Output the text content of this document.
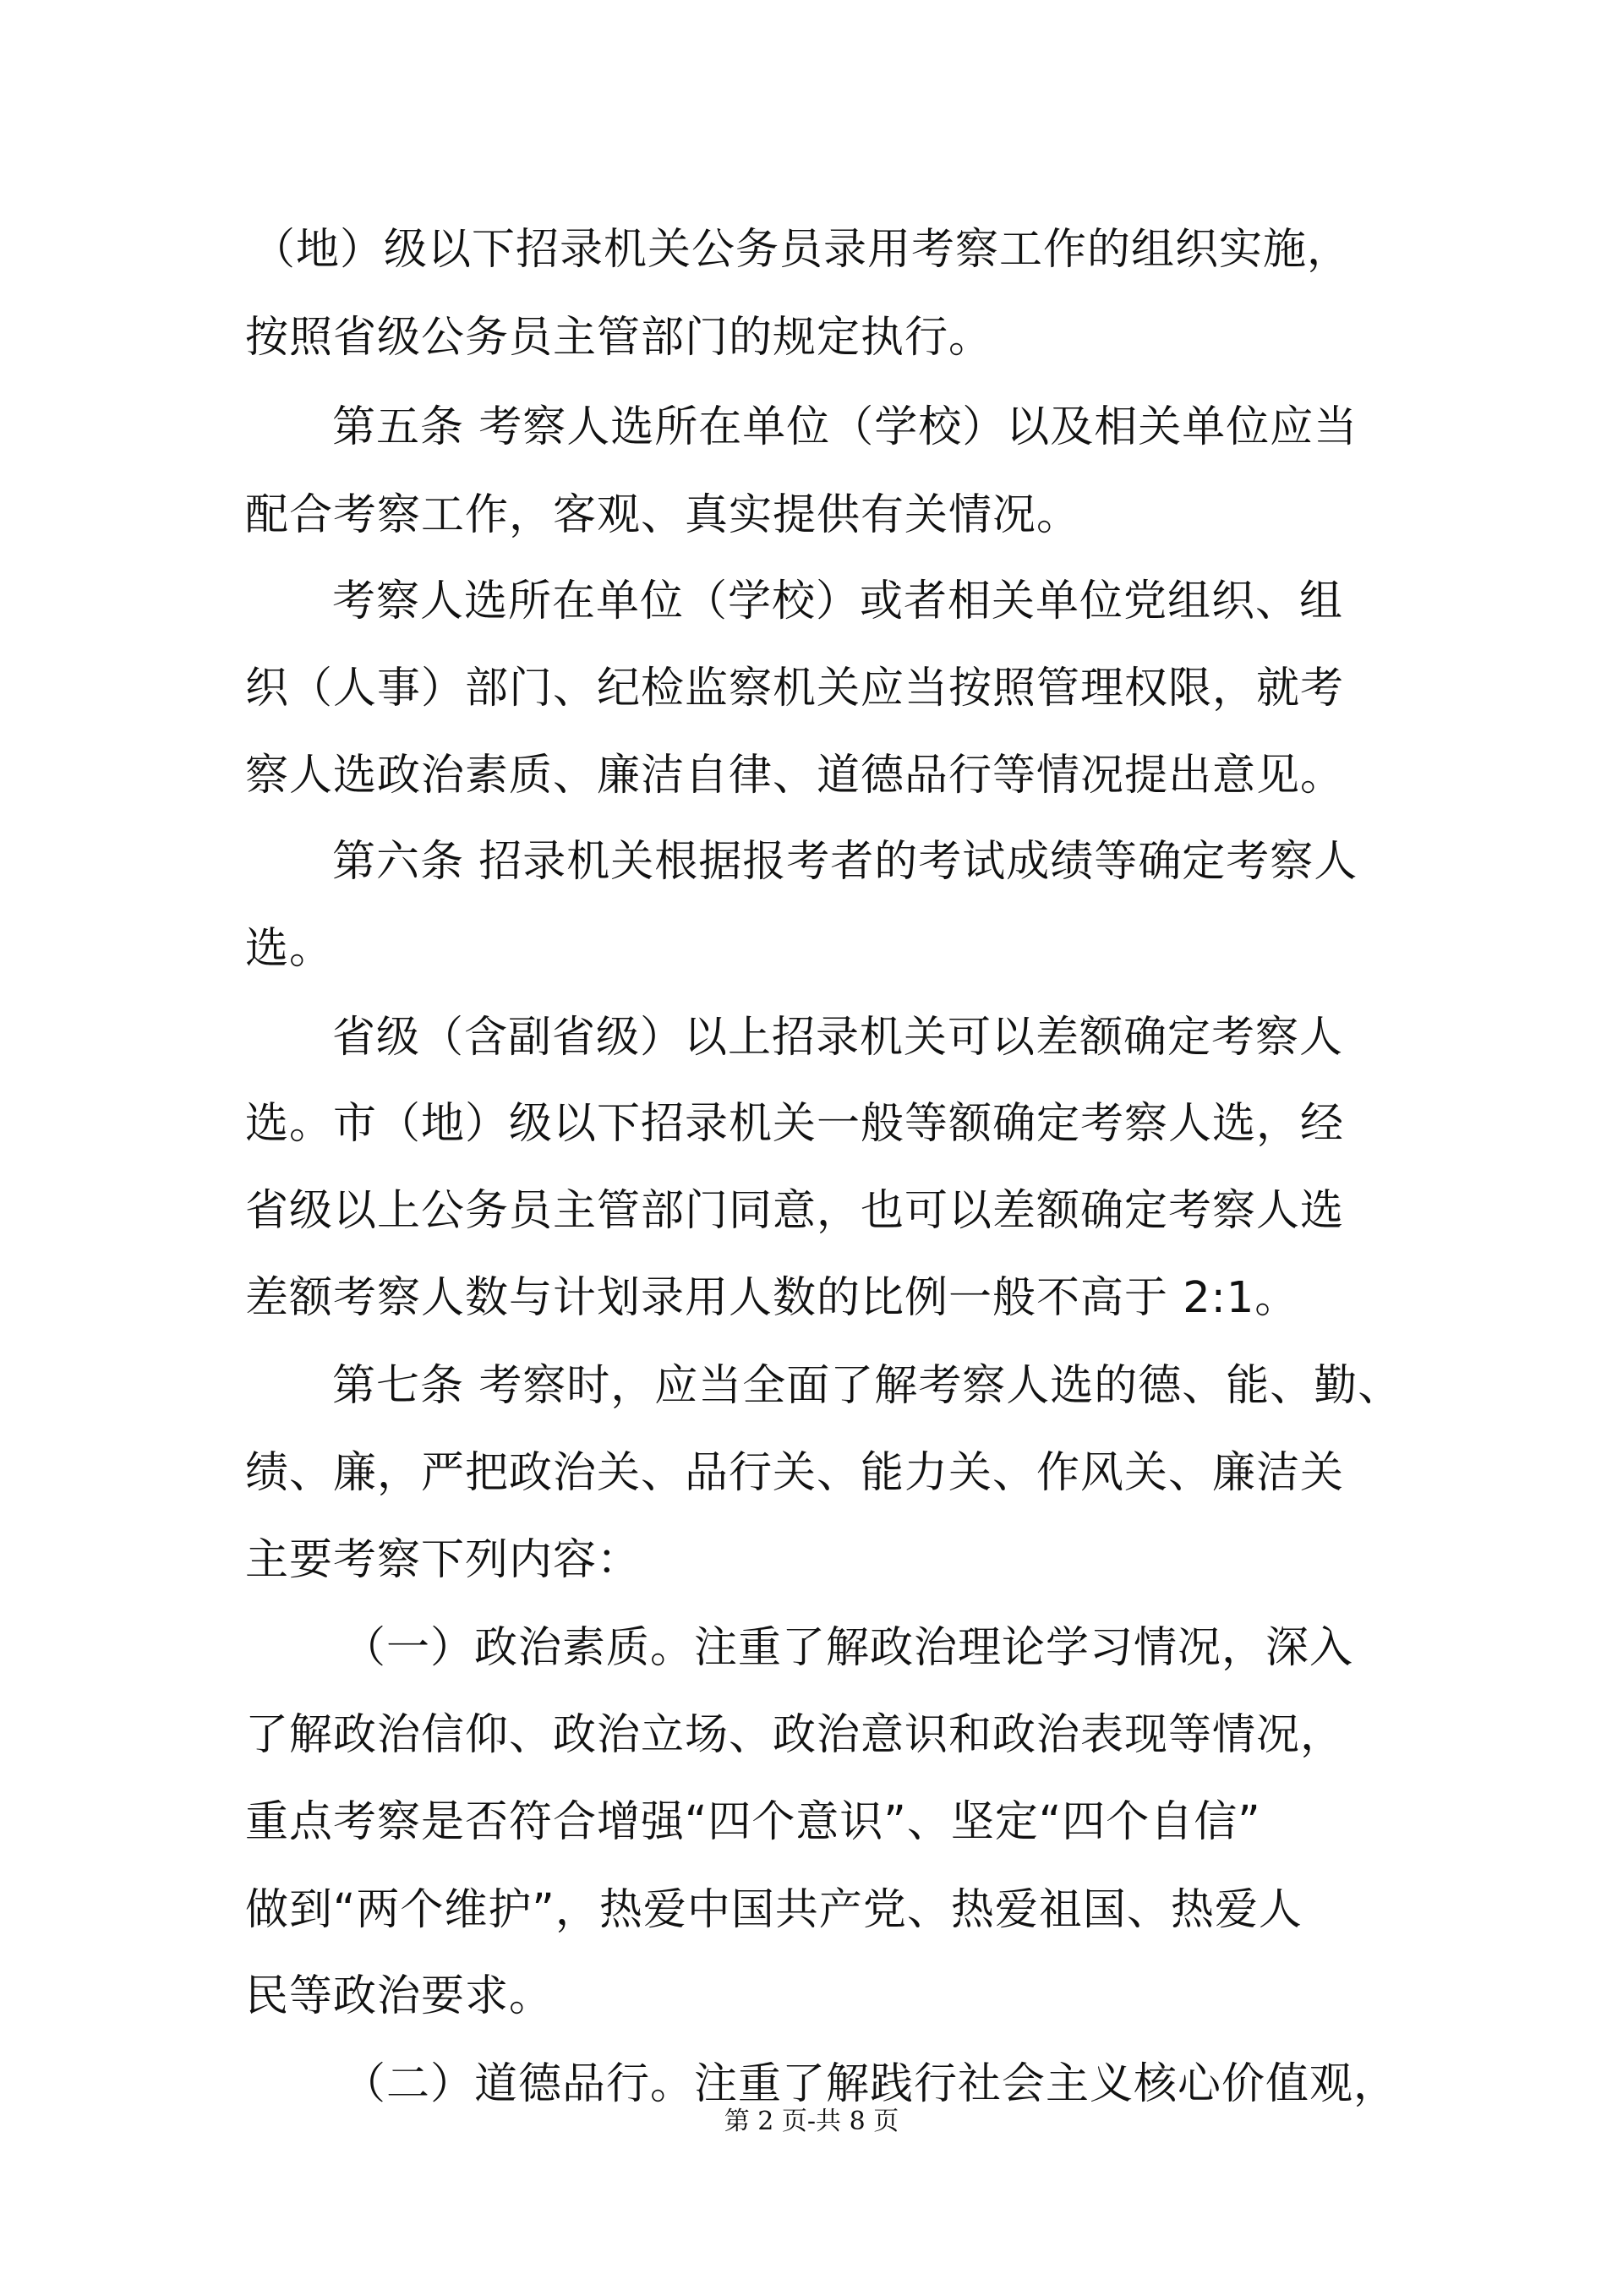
（地）级以下招录机关公务员录用考察工作的组织实施，
按照省级公务员主管部门的规定执行。
第五条 考察人选所在单位（学校）以及相关单位应当
配合考察工作，客观、真实提供有关情况。
考察人选所在单位（学校）或者相关单位党组织、组
织（人事）部门、纪检监察机关应当按照管理权限，就考
察人选政治素质、廉洁自律、道德品行等情况提出意见。
第六条 招录机关根据报考者的考试成绩等确定考察人
选。
省级（含副省级）以上招录机关可以差额确定考察人
选。市（地）级以下招录机关一般等额确定考察人选，经
省级以上公务员主管部门同意，也可以差额确定考察人选
差额考察人数与计划录用人数的比例一般不高于 2:1。
第七条 考察时，应当全面了解考察人选的德、能、勤、
绩、廉，严把政治关、品行关、能力关、作风关、廉洁关
主要考察下列内容：
（一）政治素质。注重了解政治理论学习情况，深入
了解政治信仰、政治立场、政治意识和政治表现等情况，
重点考察是否符合增强“四个意识”、坚定“四个自信”
做到“两个维护”，热爱中国共产党、热爱祖国、热爱人
民等政治要求。
（二）道德品行。注重了解践行社会主义核心价值观，
第 2 页-共 8 页
